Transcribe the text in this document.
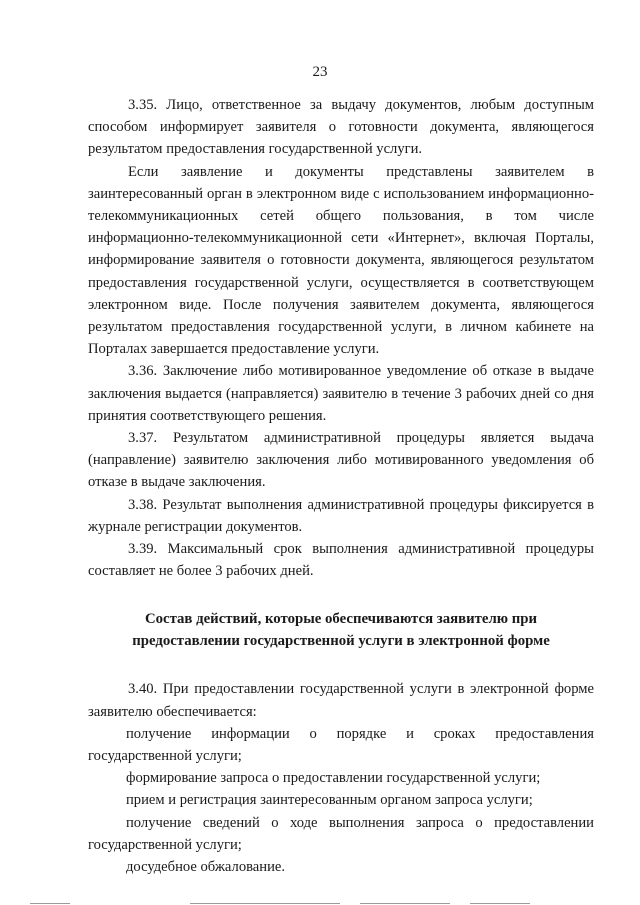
23

3.35. Лицо, ответственное за выдачу документов, любым доступным способом информирует заявителя о готовности документа, являющегося результатом предоставления государственной услуги.

Если заявление и документы представлены заявителем в заинтересованный орган в электронном виде с использованием информационно-телекоммуникационных сетей общего пользования, в том числе информационно-телекоммуникационной сети «Интернет», включая Порталы, информирование заявителя о готовности документа, являющегося результатом предоставления государственной услуги, осуществляется в соответствующем электронном виде. После получения заявителем документа, являющегося результатом предоставления государственной услуги, в личном кабинете на Порталах завершается предоставление услуги.

3.36. Заключение либо мотивированное уведомление об отказе в выдаче заключения выдается (направляется) заявителю в течение 3 рабочих дней со дня принятия соответствующего решения.

3.37. Результатом административной процедуры является выдача (направление) заявителю заключения либо мотивированного уведомления об отказе в выдаче заключения.

3.38. Результат выполнения административной процедуры фиксируется в журнале регистрации документов.

3.39. Максимальный срок выполнения административной процедуры составляет не более 3 рабочих дней.

Состав действий, которые обеспечиваются заявителю при
предоставлении государственной услуги в электронной форме

3.40. При предоставлении государственной услуги в электронной форме заявителю обеспечивается:

получение информации о порядке и сроках предоставления государственной услуги;

формирование запроса о предоставлении государственной услуги;

прием и регистрация заинтересованным органом запроса услуги;

получение сведений о ходе выполнения запроса о предоставлении государственной услуги;

досудебное обжалование.
